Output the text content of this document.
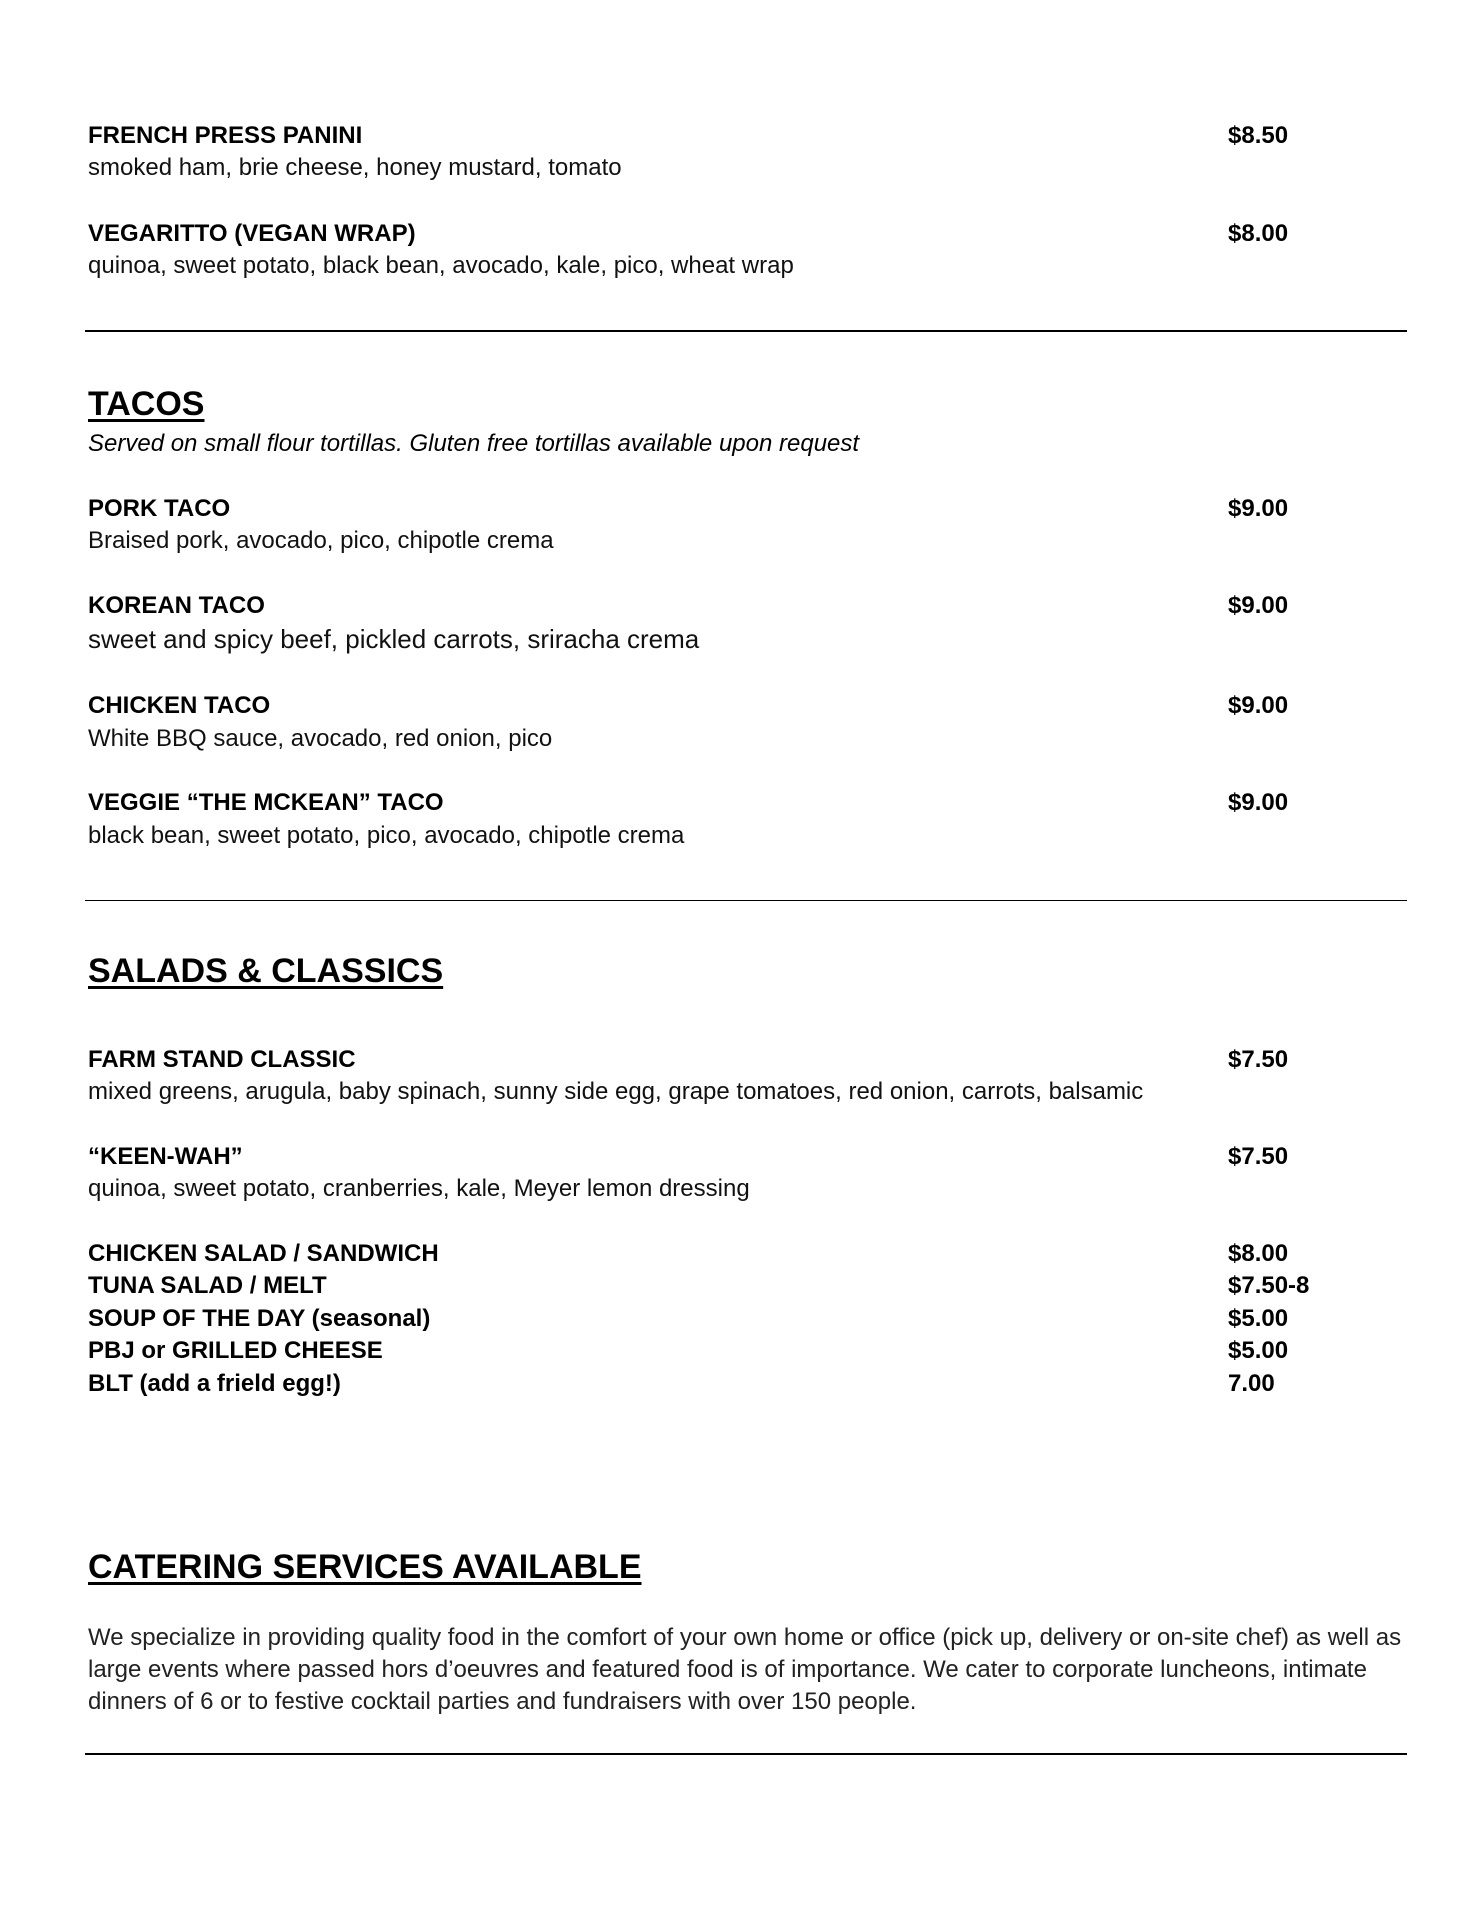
FRENCH PRESS PANINI	$8.50
smoked ham, brie cheese, honey mustard, tomato
VEGARITTO (VEGAN WRAP)	$8.00
quinoa, sweet potato, black bean, avocado, kale, pico, wheat wrap
TACOS
Served on small flour tortillas. Gluten free tortillas available upon request
PORK TACO	$9.00
Braised pork, avocado, pico, chipotle crema
KOREAN TACO	$9.00
sweet and spicy beef, pickled carrots, sriracha crema
CHICKEN TACO	$9.00
White BBQ sauce, avocado, red onion, pico
VEGGIE “THE MCKEAN” TACO	$9.00
black bean, sweet potato, pico, avocado, chipotle crema
SALADS & CLASSICS
FARM STAND CLASSIC	$7.50
mixed greens, arugula, baby spinach, sunny side egg, grape tomatoes, red onion, carrots, balsamic
“KEEN-WAH”	$7.50
quinoa, sweet potato, cranberries, kale, Meyer lemon dressing
CHICKEN SALAD / SANDWICH	$8.00
TUNA SALAD / MELT	$7.50-8
SOUP OF THE DAY (seasonal)	$5.00
PBJ or GRILLED CHEESE	$5.00
BLT (add a frield egg!)	7.00
CATERING SERVICES AVAILABLE
We specialize in providing quality food in the comfort of your own home or office (pick up, delivery or on-site chef) as well as large events where passed hors d’oeuvres and featured food is of importance. We cater to corporate luncheons, intimate dinners of 6 or to festive cocktail parties and fundraisers with over 150 people.
